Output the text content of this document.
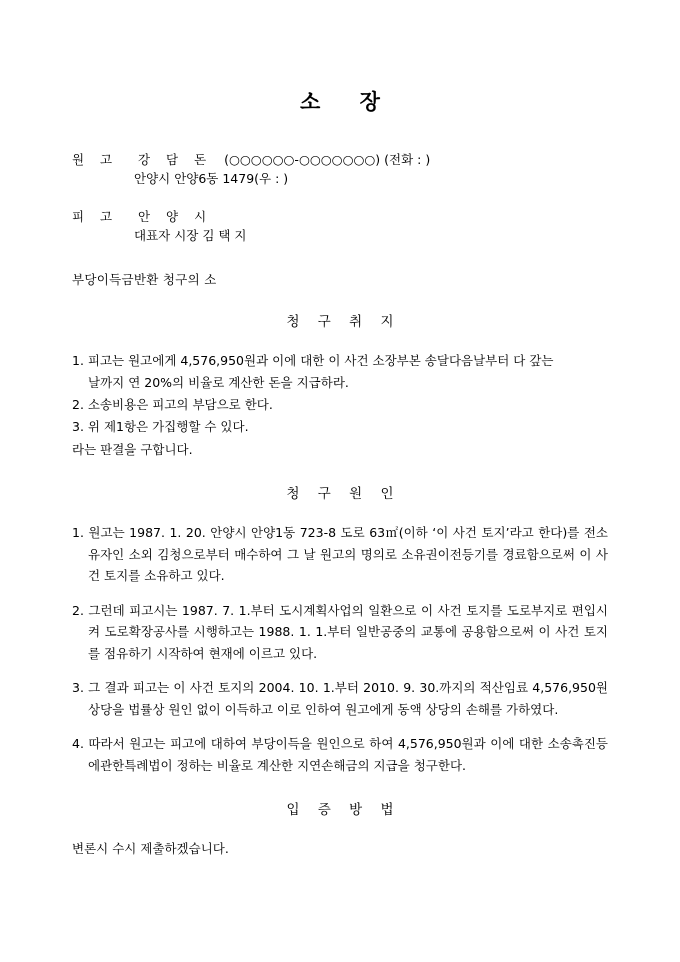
소 장
원 고 강 담 돈 (○○○○○○-○○○○○○○) (전화 : )
안양시 안양6동 1479(우 : )
피 고 안 양 시
대표자 시장 김 택 지
부당이득금반환 청구의 소
청 구 취 지

1. 피고는 원고에게 4,576,950원과 이에 대한 이 사건 소장부본 송달다음날부터 다 갚는

날까지 연 20%의 비율로 계산한 돈을 지급하라.

2. 소송비용은 피고의 부담으로 한다.

3. 위 제1항은 가집행할 수 있다.

라는 판결을 구합니다.

청 구 원 인

1. 원고는 1987. 1. 20. 안양시 안양1동 723-8 도로 63㎡(이하 ‘이 사건 토지’라고 한다)를 전소유자인 소외 김청으로부터 매수하여 그 날 원고의 명의로 소유권이전등기를 경료함으로써 이 사건 토지를 소유하고 있다.

2. 그런데 피고시는 1987. 7. 1.부터 도시계획사업의 일환으로 이 사건 토지를 도로부지로 편입시켜 도로확장공사를 시행하고는 1988. 1. 1.부터 일반공중의 교통에 공용함으로써 이 사건 토지를 점유하기 시작하여 현재에 이르고 있다.

3. 그 결과 피고는 이 사건 토지의 2004. 10. 1.부터 2010. 9. 30.까지의 적산임료 4,576,950원 상당을 법률상 원인 없이 이득하고 이로 인하여 원고에게 동액 상당의 손해를 가하였다.

4. 따라서 원고는 피고에 대하여 부당이득을 원인으로 하여 4,576,950원과 이에 대한 소송촉진등에관한특례법이 정하는 비율로 계산한 지연손해금의 지급을 청구한다.

입 증 방 법

변론시 수시 제출하겠습니다.
